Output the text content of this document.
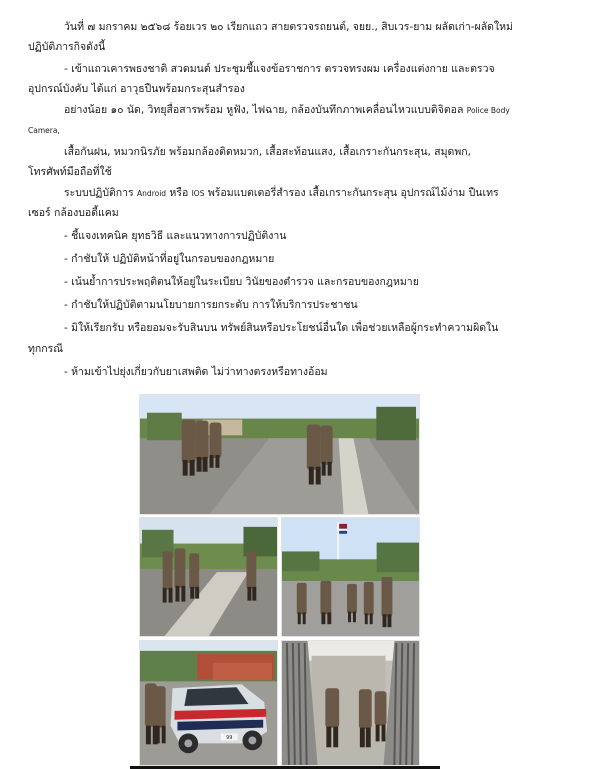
วันที่ ๗ มกราคม ๒๕๖๘ ร้อยเวร ๒๐ เรียกแถว สายตรวจรถยนต์, จยย., สิบเวร-ยาม ผลัดเก่า-ผลัดใหม่
ปฏิบัติภารกิจดังนี้
- เข้าแถวเคารพธงชาติ สวดมนต์ ประชุมชี้แจงข้อราชการ ตรวจทรงผม เครื่องแต่งกาย และตรวจ
อุปกรณ์บังคับ ได้แก่ อาวุธปืนพร้อมกระสุนสำรอง
อย่างน้อย ๑๐ นัด, วิทยุสื่อสารพร้อม หูฟัง, ไฟฉาย, กล้องบันทึกภาพเคลื่อนไหวแบบดิจิตอล Police Body
Camera,
เสื้อกันฝน, หมวกนิรภัย พร้อมกล้องติดหมวก, เสื้อสะท้อนแสง, เสื้อเกราะกันกระสุน, สมุดพก,
โทรศัพท์มือถือที่ใช้
ระบบปฏิบัติการ Android หรือ IOS พร้อมแบตเตอรี่สำรอง เสื้อเกราะกันกระสุน อุปกรณ์ไม้ง่าม ปืนเทร
เซอร์ กล้องบอดี้แคม
- ชี้แจงเทคนิค ยุทธวิธี และแนวทางการปฏิบัติงาน
- กำชับให้ ปฏิบัติหน้าที่อยู่ในกรอบของกฎหมาย
- เน้นย้ำการประพฤติตนให้อยู่ในระเบียบ วินัยของตำรวจ และกรอบของกฎหมาย
- กำชับให้ปฏิบัติตามนโยบายการยกระดับ การให้บริการประชาชน
- มิให้เรียกรับ หรือยอมจะรับสินบน ทรัพย์สินหรือประโยชน์อื่นใด เพื่อช่วยเหลือผู้กระทำความผิดใน
ทุกกรณี
- ห้ามเข้าไปยุ่งเกี่ยวกับยาเสพติด ไม่ว่าทางตรงหรือทางอ้อม
99
